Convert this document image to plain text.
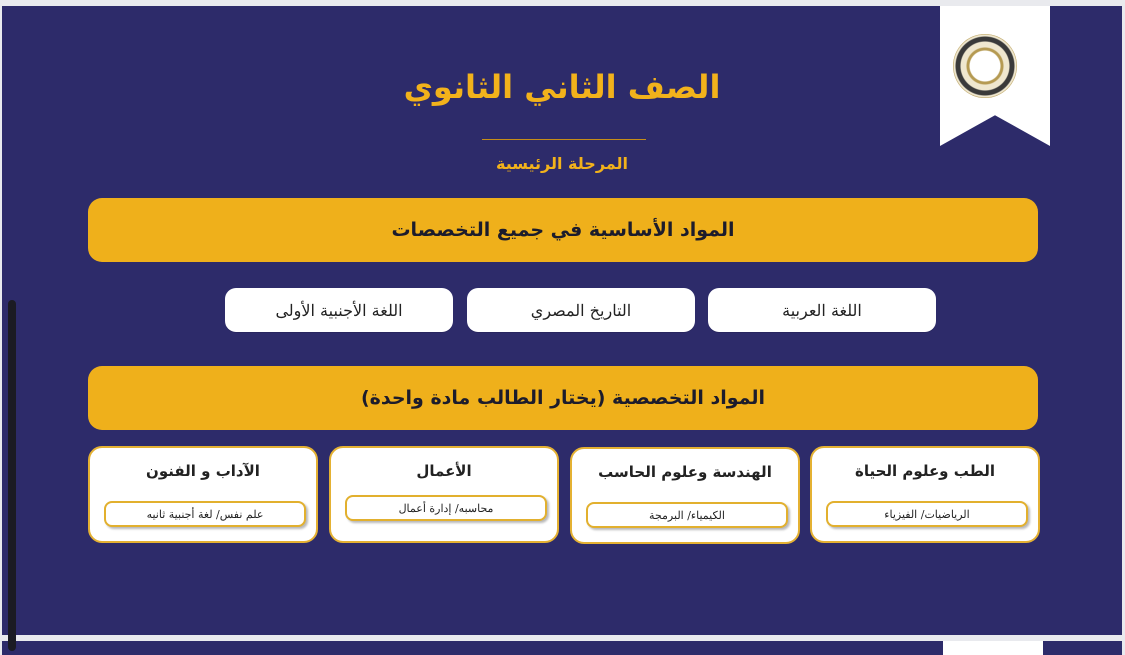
الصف الثاني الثانوي
المرحلة الرئيسية
المواد الأساسية في جميع التخصصات
اللغة العربية
التاريخ المصري
اللغة الأجنبية الأولى
المواد التخصصية (يختار الطالب مادة واحدة)
الطب وعلوم الحياة
الرياضيات/ الفيزياء
الهندسة وعلوم الحاسب
الكيمياء/ البرمجة
الأعمال
محاسبه/ إدارة أعمال
الآداب و الفنون
علم نفس/ لغة أجنبية ثانيه
